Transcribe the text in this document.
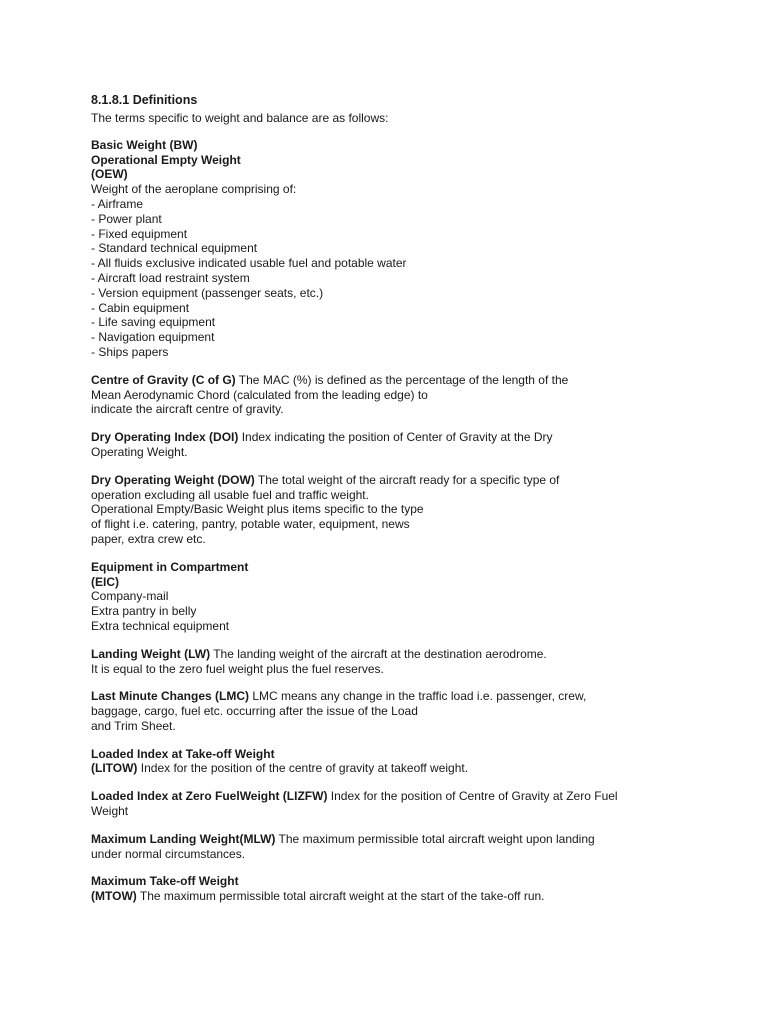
8.1.8.1 Definitions
The terms specific to weight and balance are as follows:
Basic Weight (BW)
Operational Empty Weight
(OEW)
Weight of the aeroplane comprising of:
- Airframe
- Power plant
- Fixed equipment
- Standard technical equipment
- All fluids exclusive indicated usable fuel and potable water
- Aircraft load restraint system
- Version equipment (passenger seats, etc.)
- Cabin equipment
- Life saving equipment
- Navigation equipment
- Ships papers
Centre of Gravity (C of G) The MAC (%) is defined as the percentage of the length of the
Mean Aerodynamic Chord (calculated from the leading edge) to
indicate the aircraft centre of gravity.
Dry Operating Index (DOI) Index indicating the position of Center of Gravity at the Dry
Operating Weight.
Dry Operating Weight (DOW) The total weight of the aircraft ready for a specific type of
operation excluding all usable fuel and traffic weight.
Operational Empty/Basic Weight plus items specific to the type
of flight i.e. catering, pantry, potable water, equipment, news
paper, extra crew etc.
Equipment in Compartment
(EIC)
Company-mail
Extra pantry in belly
Extra technical equipment
Landing Weight (LW) The landing weight of the aircraft at the destination aerodrome.
It is equal to the zero fuel weight plus the fuel reserves.
Last Minute Changes (LMC) LMC means any change in the traffic load i.e. passenger, crew,
baggage, cargo, fuel etc. occurring after the issue of the Load
and Trim Sheet.
Loaded Index at Take-off Weight
(LITOW) Index for the position of the centre of gravity at takeoff weight.
Loaded Index at Zero FuelWeight (LIZFW) Index for the position of Centre of Gravity at Zero Fuel
Weight
Maximum Landing Weight(MLW) The maximum permissible total aircraft weight upon landing
under normal circumstances.
Maximum Take-off Weight
(MTOW) The maximum permissible total aircraft weight at the start of the take-off run.
